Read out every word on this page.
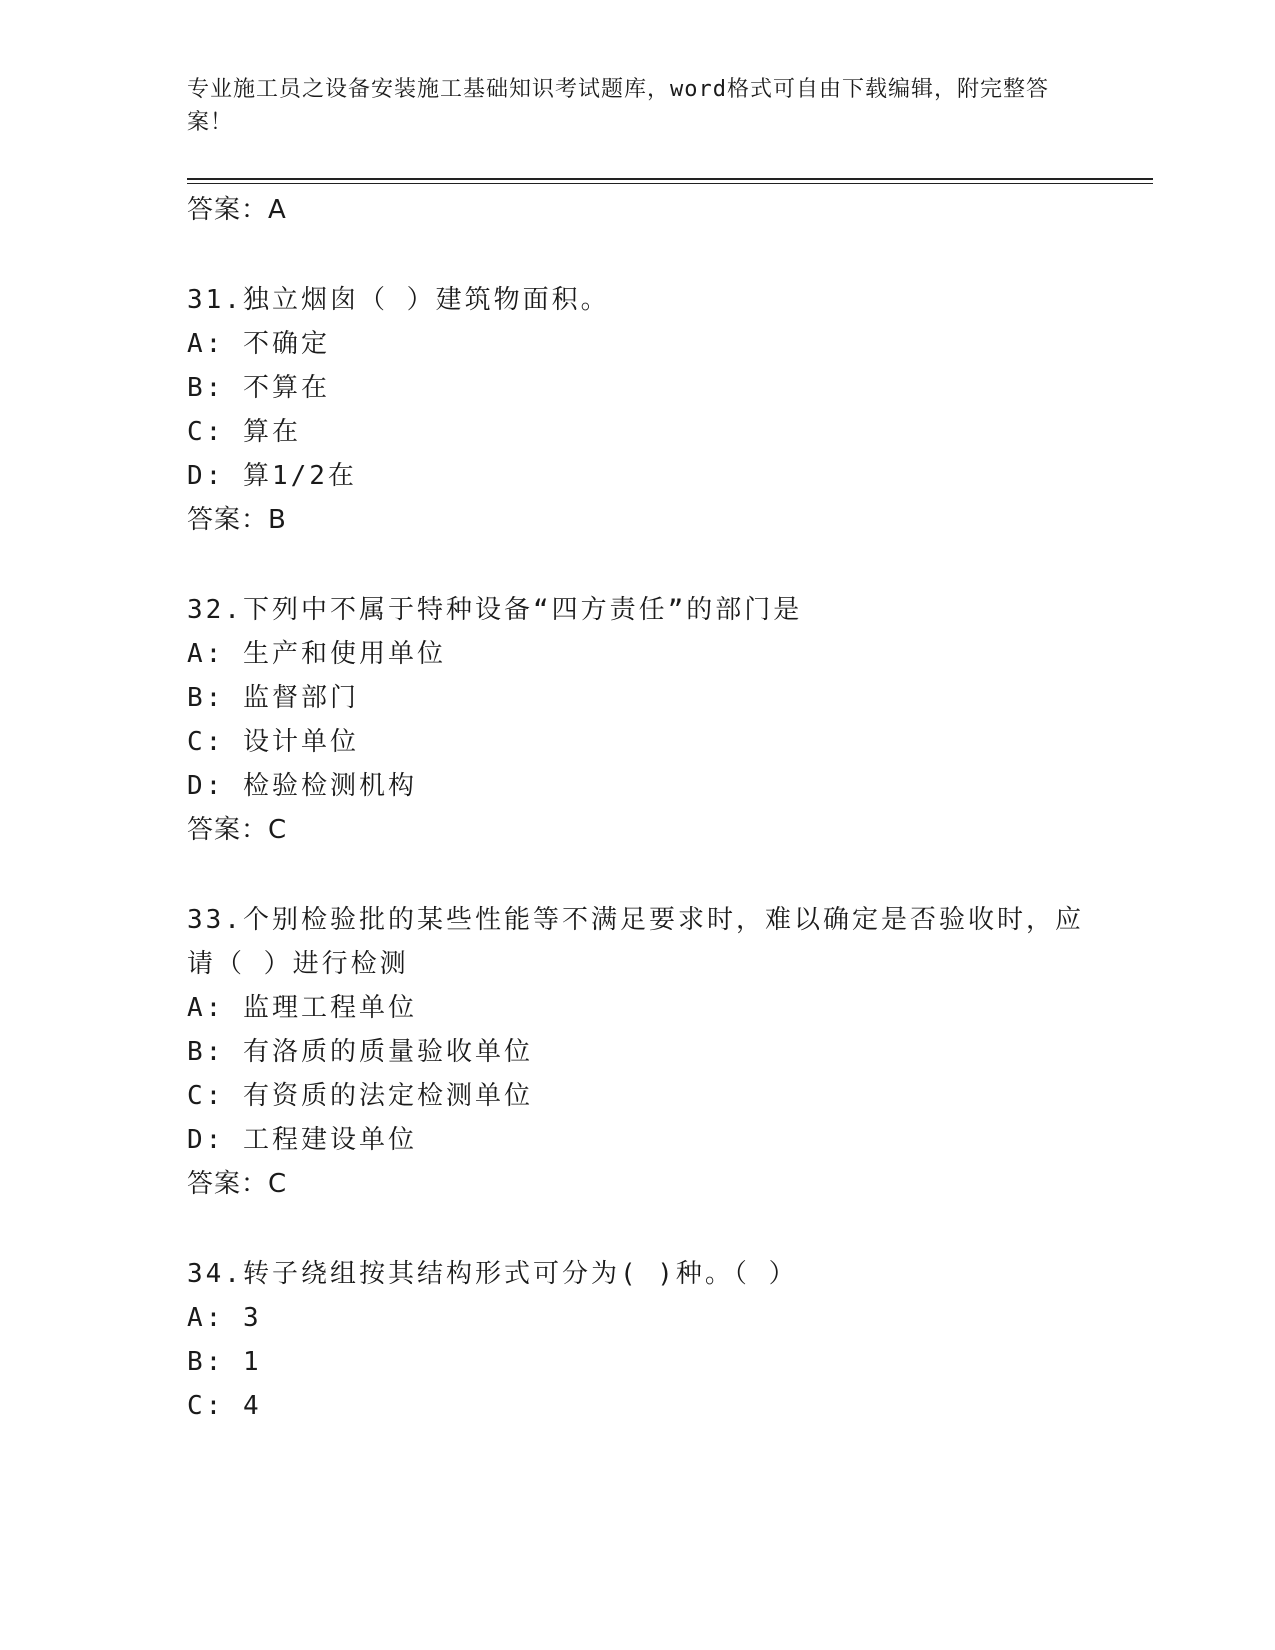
专业施工员之设备安装施工基础知识考试题库，word格式可自由下载编辑，附完整答案！
答案：A
31.独立烟囱（ ）建筑物面积。
A: 不确定
B: 不算在
C: 算在
D: 算1/2在
答案：B
32.下列中不属于特种设备“四方责任”的部门是
A: 生产和使用单位
B: 监督部门
C: 设计单位
D: 检验检测机构
答案：C
33.个别检验批的某些性能等不满足要求时，难以确定是否验收时，应
请（ ）进行检测
A: 监理工程单位
B: 有洛质的质量验收单位
C: 有资质的法定检测单位
D: 工程建设单位
答案：C
34.转子绕组按其结构形式可分为( )种。（ ）
A: 3
B: 1
C: 4
